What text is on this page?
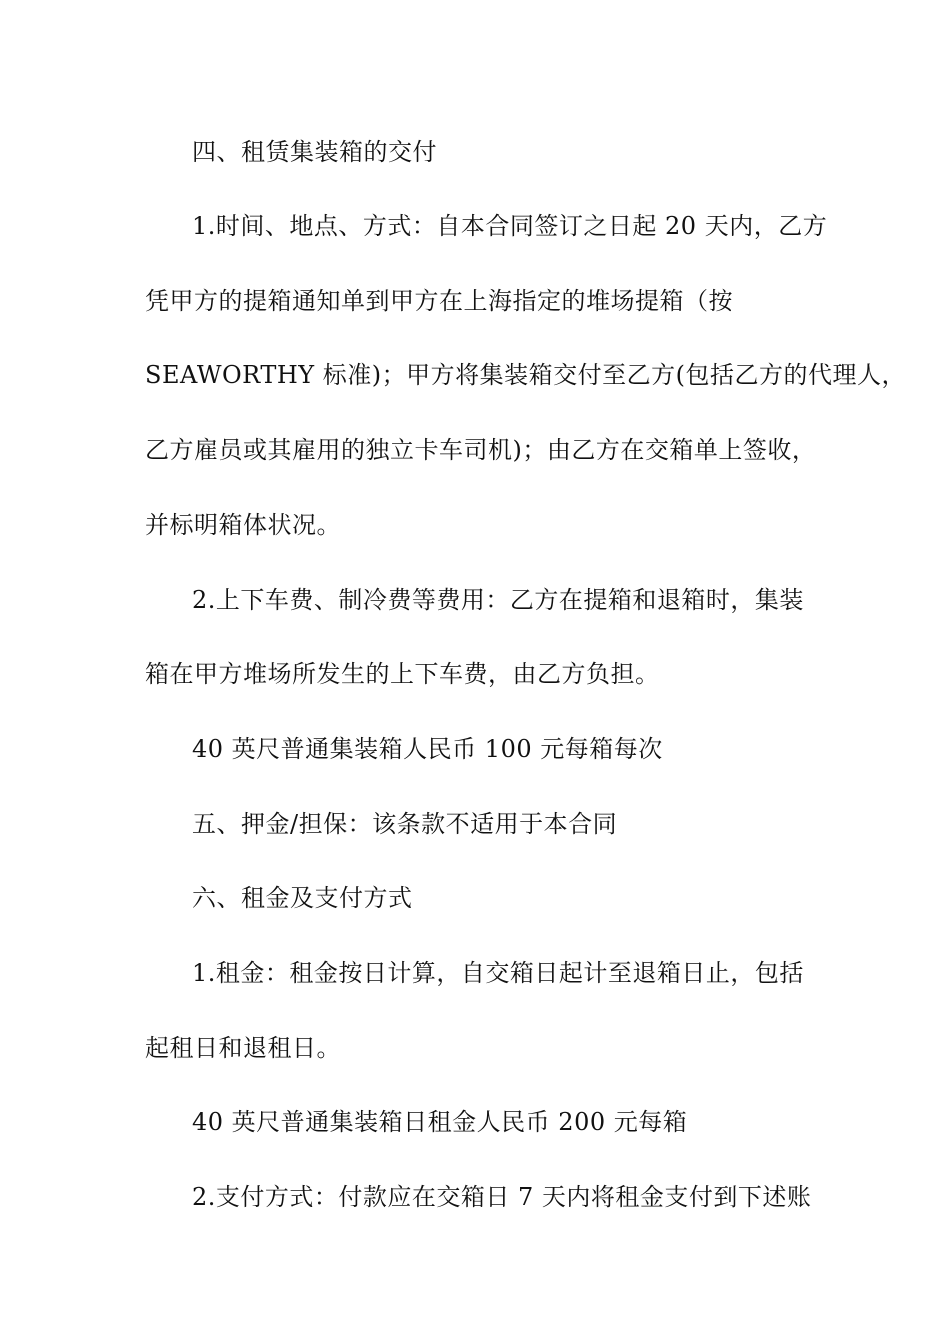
四、租赁集装箱的交付
1.时间、地点、方式：自本合同签订之日起 20 天内，乙方
凭甲方的提箱通知单到甲方在上海指定的堆场提箱（按
SEAWORTHY 标准)；甲方将集装箱交付至乙方(包括乙方的代理人，
乙方雇员或其雇用的独立卡车司机)；由乙方在交箱单上签收，
并标明箱体状况。
2.上下车费、制冷费等费用：乙方在提箱和退箱时，集装
箱在甲方堆场所发生的上下车费，由乙方负担。
40 英尺普通集装箱人民币 100 元每箱每次
五、押金/担保：该条款不适用于本合同
六、租金及支付方式
1.租金：租金按日计算，自交箱日起计至退箱日止，包括
起租日和退租日。
40 英尺普通集装箱日租金人民币 200 元每箱
2.支付方式：付款应在交箱日 7 天内将租金支付到下述账
